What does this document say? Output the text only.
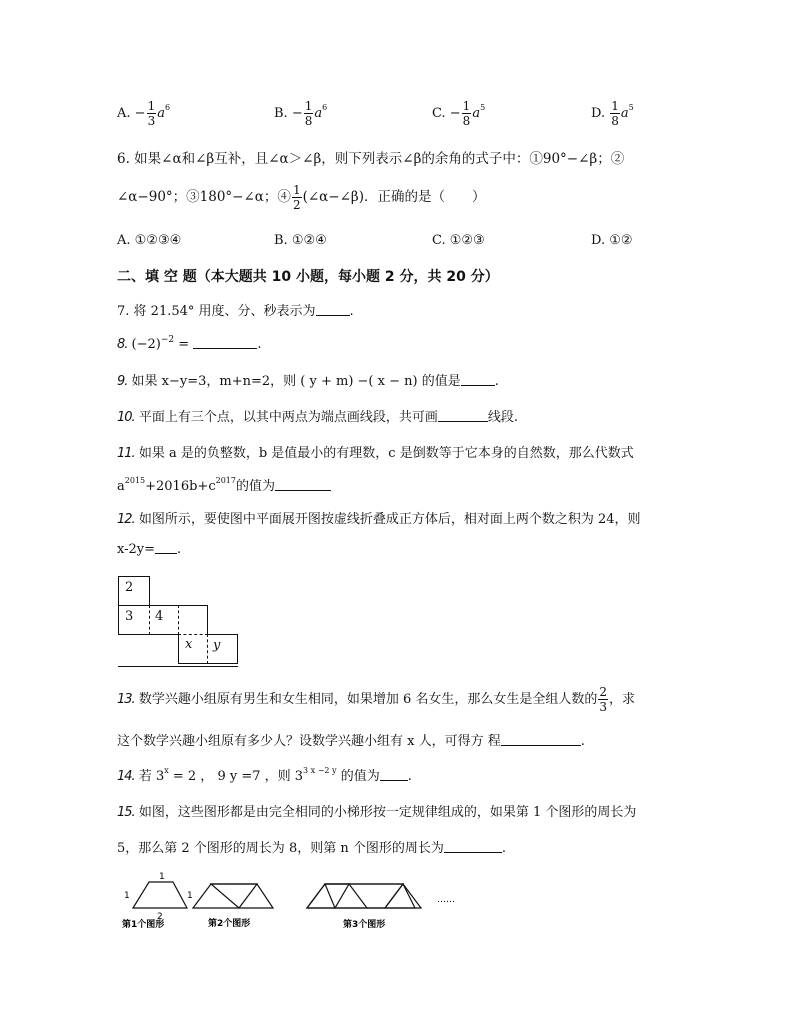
A. − $\frac{1}{3} a^6$	B. − $\frac{1}{8} a^6$	C. − $\frac{1}{8} a^5$	D. $\frac{1}{8} a^5$
6. 如果∠α和∠β互补，且∠α＞∠β，则下列表示∠β的余角的式子中：①90°−∠β；②
∠α−90°；③180°−∠α；④ $\frac{1}{2}$ (∠α−∠β)．正确的是（　　）
A. ①②③④	B. ①②④	C. ①②③	D. ①②
二、填 空 题（本大题共 10 小题，每小题 2 分，共 20 分）
7. 将 21.54° 用度、分、秒表示为	.
8. $(-2)^{-2}$ =	.
9. 如果 x−y=3，m+n=2，则 ( y + m) −( x − n) 的值是	.
10. 平面上有三个点，以其中两点为端点画线段，共可画	线段.
11. 如果 a 是的负整数，b 是值最小的有理数，c 是倒数等于它本身的自然数，那么代数式
$a^{2015}+2016b+c^{2017}$的值为
12. 如图所示，要使图中平面展开图按虚线折叠成正方体后，相对面上两个数之积为 24，则
x-2y= .
2
3	4
x	y
13. 数学兴趣小组原有男生和女生相同，如果增加 6 名女生，那么女生是全组人数的 $\frac{2}{3}$ ，求
这个数学兴趣小组原有多少人？设数学兴趣小组有 x 人，可得方 程	.
14. 若 $3^x = 2$ ， 9 y =7 ，则 $3^{3 x -2 y}$ 的值为 .
15. 如图，这些图形都是由完全相同的小梯形按一定规律组成的，如果第 1 个图形的周长为
5，那么第 2 个图形的周长为 8，则第 n 个图形的周长为	.
1
1
1
2
第1个图形	第2个图形	第3个图形
……
